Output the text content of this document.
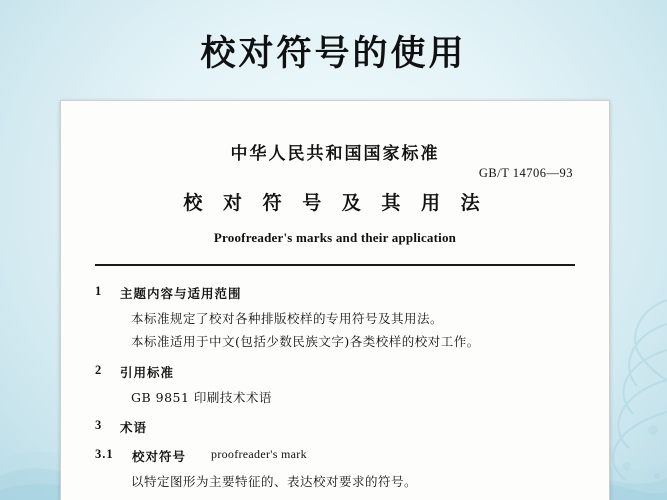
校对符号的使用
中华人民共和国国家标准
GB/T 14706—93
校 对 符 号 及 其 用 法
Proofreader's marks and their application
1	主题内容与适用范围
本标准规定了校对各种排版校样的专用符号及其用法。
本标准适用于中文(包括少数民族文字)各类校样的校对工作。
2	引用标准
GB 9851 印刷技术术语
3	术语
3.1	校对符号 proofreader's mark
以特定图形为主要特征的、表达校对要求的符号。
